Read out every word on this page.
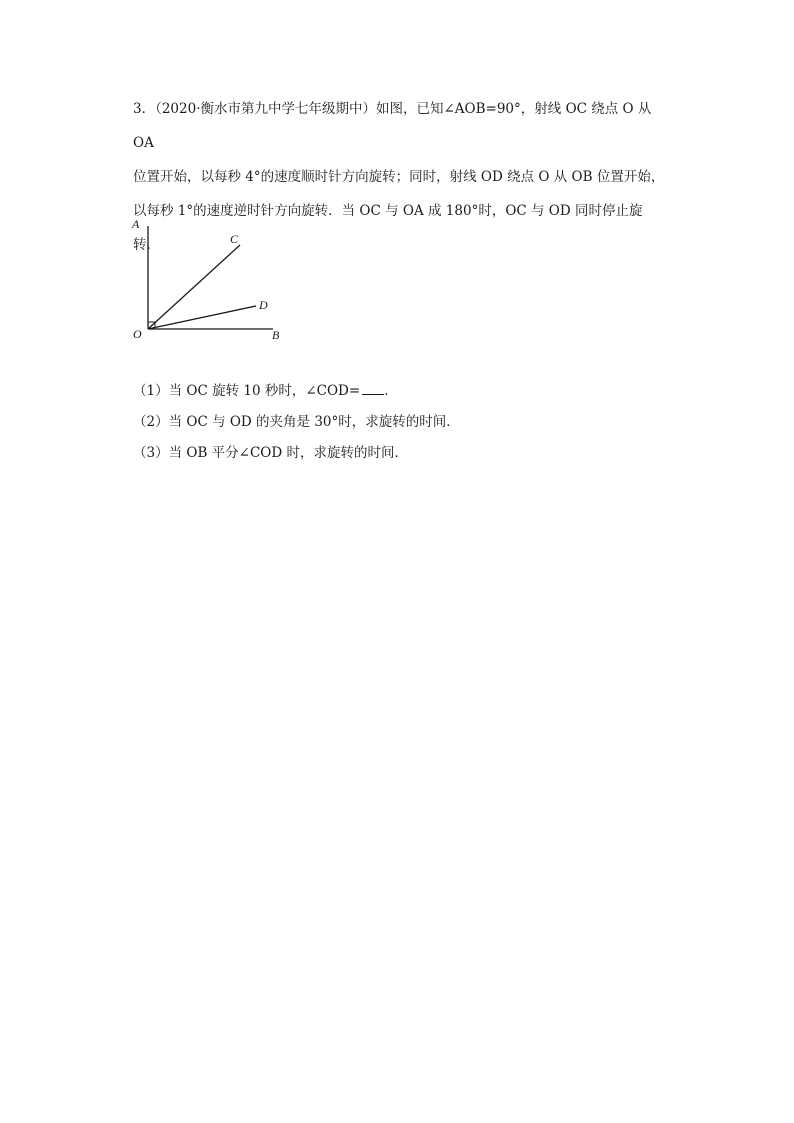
3．（2020·衡水市第九中学七年级期中）如图，已知∠AOB=90°，射线 OC 绕点 O 从 OA

位置开始，以每秒 4°的速度顺时针方向旋转；同时，射线 OD 绕点 O 从 OB 位置开始，

以每秒 1°的速度逆时针方向旋转．当 OC 与 OA 成 180°时，OC 与 OD 同时停止旋

转．

A
C
D
O	B

（1）当 OC 旋转 10 秒时，∠COD= ．

（2）当 OC 与 OD 的夹角是 30°时，求旋转的时间．

（3）当 OB 平分∠COD 时，求旋转的时间．
